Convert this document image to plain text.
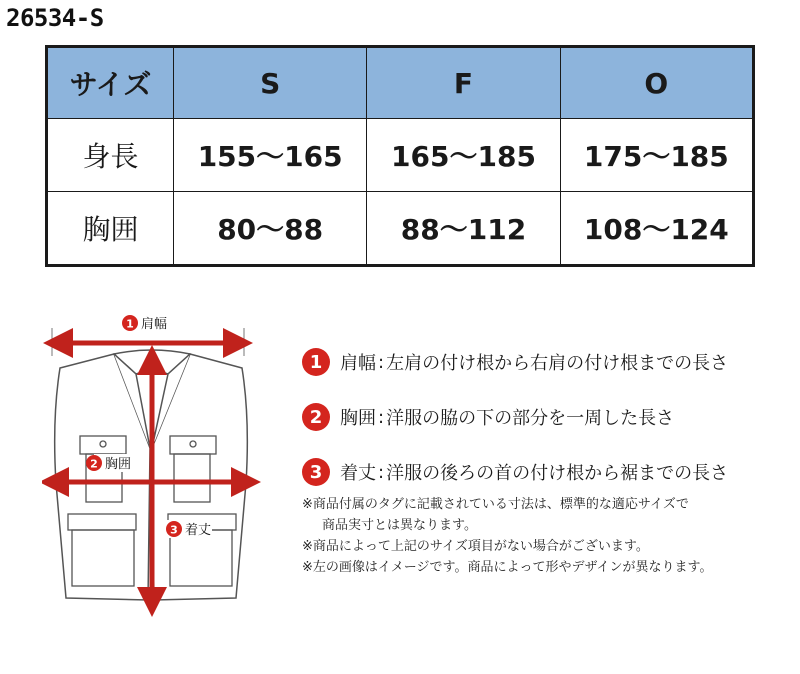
26534-S
サイズ	S	F	O
身長	155〜165	165〜185	175〜185
胸囲	80〜88	88〜112	108〜124
1 肩幅
2 胸囲
3 着丈
1 肩幅 : 左肩の付け根から右肩の付け根までの長さ
2 胸囲 : 洋服の脇の下の部分を一周した長さ
3 着丈 : 洋服の後ろの首の付け根から裾までの長さ
※商品付属のタグに記載されている寸法は、標準的な適応サイズで
商品実寸とは異なります。
※商品によって上記のサイズ項目がない場合がございます。
※左の画像はイメージです。商品によって形やデザインが異なります。
